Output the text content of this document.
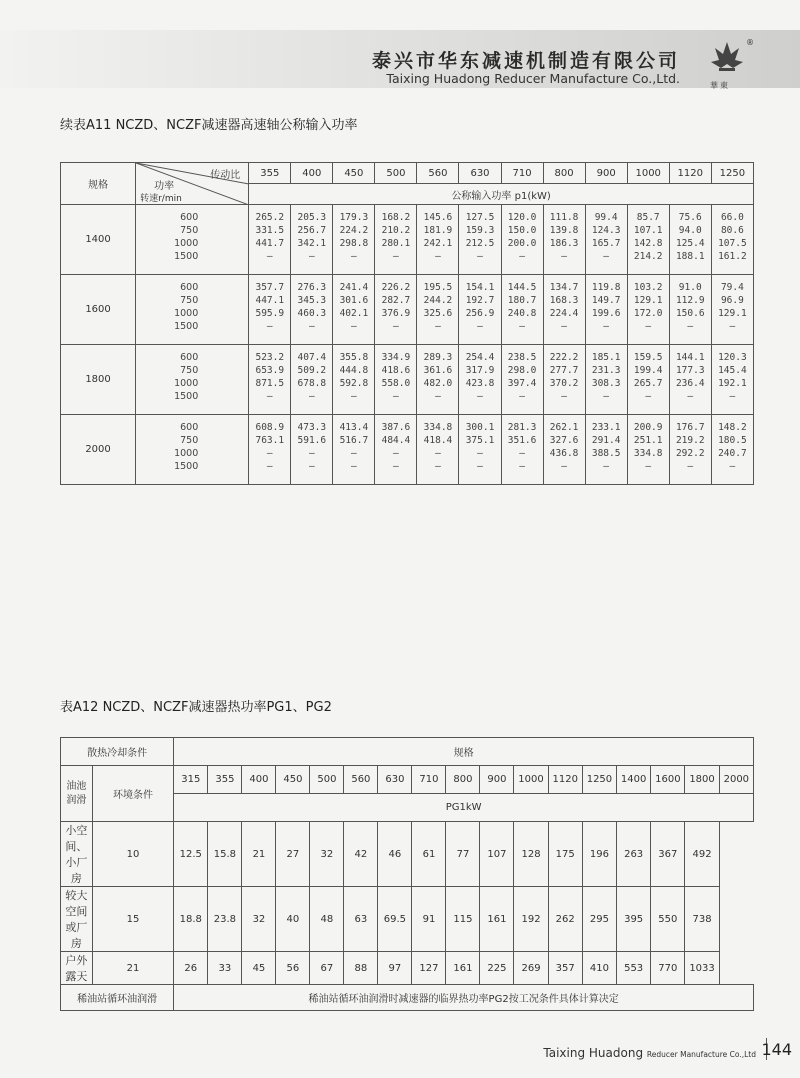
泰兴市华东减速机制造有限公司
Taixing Huadong Reducer Manufacture Co.,Ltd.	華東
®
续表A11 NCZD、NCZF减速器高速轴公称输入功率
规格	传动比
功率
转速r/min	355	400	450	500	560	630	710	800	900	1000	1120	1250
		公称输入功率 p1(kW)											
1400	600
750
1000
1500	265.2
331.5
441.7
—	205.3
256.7
342.1
—	179.3
224.2
298.8
—	168.2
210.2
280.1
—	145.6
181.9
242.1
—	127.5
159.3
212.5
—	120.0
150.0
200.0
—	111.8
139.8
186.3
—	99.4
124.3
165.7
—	85.7
107.1
142.8
214.2	75.6
94.0
125.4
188.1	66.0
80.6
107.5
161.2

1600	600
750
1000
1500	357.7
447.1
595.9
—	276.3
345.3
460.3
—	241.4
301.6
402.1
—	226.2
282.7
376.9
—	195.5
244.2
325.6
—	154.1
192.7
256.9
—	144.5
180.7
240.8
—	134.7
168.3
224.4
—	119.8
149.7
199.6
—	103.2
129.1
172.0
—	91.0
112.9
150.6
—	79.4
96.9
129.1
—

1800	600
750
1000
1500	523.2
653.9
871.5
—	407.4
509.2
678.8
—	355.8
444.8
592.8
—	334.9
418.6
558.0
—	289.3
361.6
482.0
—	254.4
317.9
423.8
—	238.5
298.0
397.4
—	222.2
277.7
370.2
—	185.1
231.3
308.3
—	159.5
199.4
265.7
—	144.1
177.3
236.4
—	120.3
145.4
192.1
—

2000	600
750
1000
1500	608.9
763.1
—
—	473.3
591.6
—
—	413.4
516.7
—
—	387.6
484.4
—
—	334.8
418.4
—
—	300.1
375.1
—
—	281.3
351.6
—
—	262.1
327.6
436.8
—	233.1
291.4
388.5
—	200.9
251.1
334.8
—	176.7
219.2
292.2
—	148.2
180.5
240.7
—
表A12 NCZD、NCZF减速器热功率PG1、PG2
散热冷却条件		规格																
油池润滑	环境条件	315	355	400	450	500	560	630	710	800	900	1000	1120	1250	1400	1600	1800	2000
		PG1kW																
小空间、小厂房	10	12.5	15.8	21	27	32	42	46	61	77	107	128	175	196	263	367	492	
较大空间或厂房	15	18.8	23.8	32	40	48	63	69.5	91	115	161	192	262	295	395	550	738	
户外露天	21	26	33	45	56	67	88	97	127	161	225	269	357	410	553	770	1033	
稀油站循环油润滑		稀油站循环油润滑时减速器的临界热功率PG2按工况条件具体计算决定																
Taixing Huadong Reducer Manufacture Co.,Ltd 144
